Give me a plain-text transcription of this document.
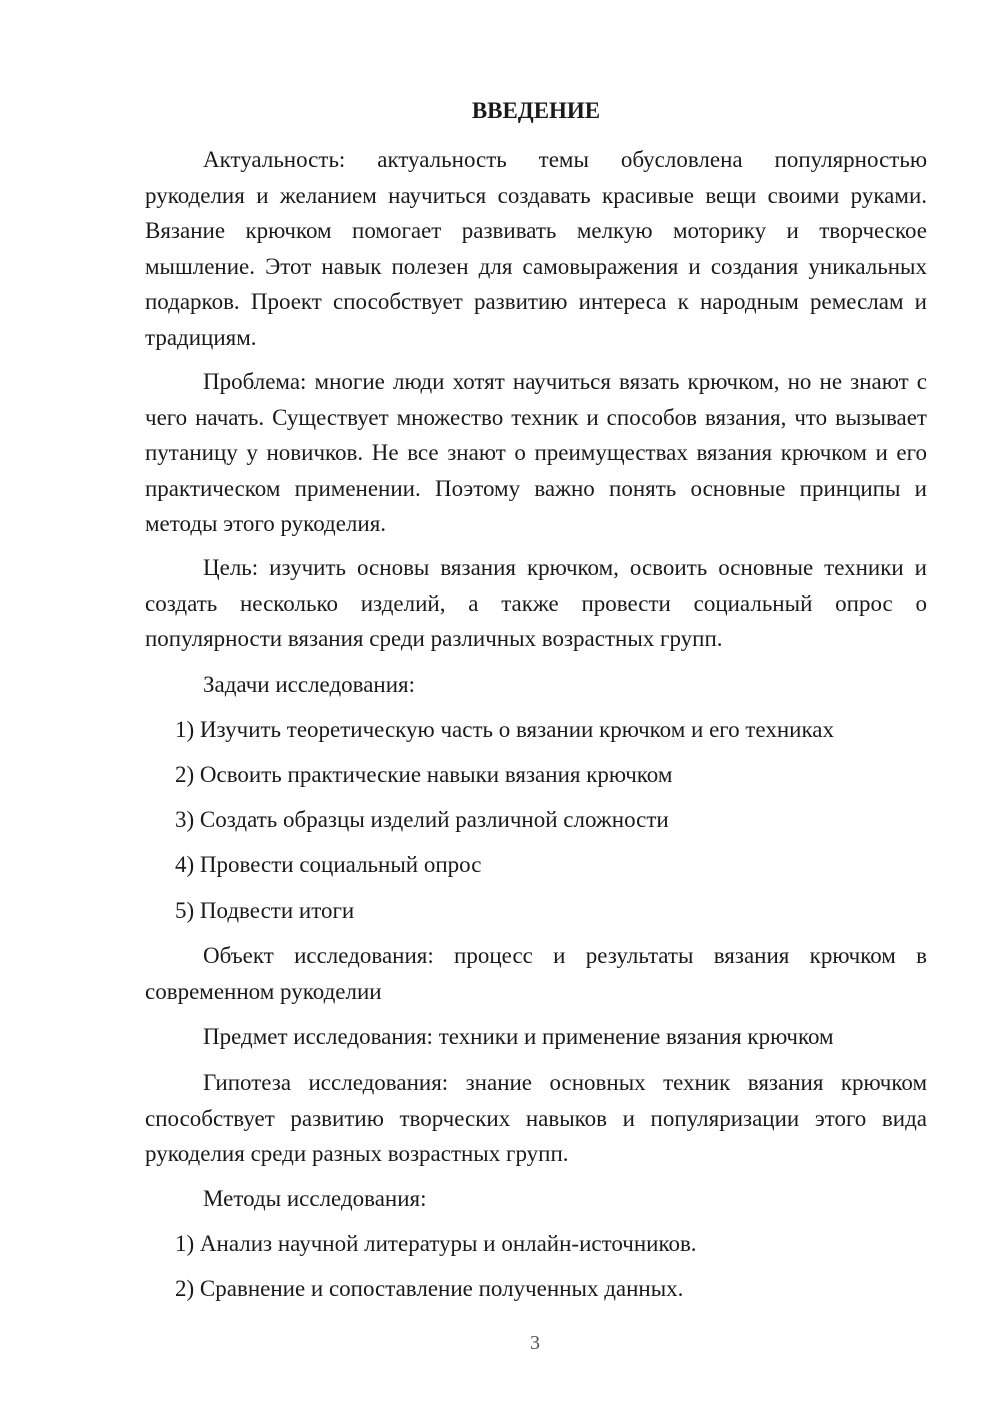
ВВЕДЕНИЕ

Актуальность: актуальность темы обусловлена популярностью рукоделия и желанием научиться создавать красивые вещи своими руками. Вязание крючком помогает развивать мелкую моторику и творческое мышление. Этот навык полезен для самовыражения и создания уникальных подарков. Проект способствует развитию интереса к народным ремеслам и традициям.

Проблема: многие люди хотят научиться вязать крючком, но не знают с чего начать. Существует множество техник и способов вязания, что вызывает путаницу у новичков. Не все знают о преимуществах вязания крючком и его практическом применении. Поэтому важно понять основные принципы и методы этого рукоделия.

Цель: изучить основы вязания крючком, освоить основные техники и создать несколько изделий, а также провести социальный опрос о популярности вязания среди различных возрастных групп.

Задачи исследования:

1) Изучить теоретическую часть о вязании крючком и его техниках

2) Освоить практические навыки вязания крючком

3) Создать образцы изделий различной сложности

4) Провести социальный опрос

5) Подвести итоги

Объект исследования: процесс и результаты вязания крючком в современном рукоделии

Предмет исследования: техники и применение вязания крючком

Гипотеза исследования: знание основных техник вязания крючком способствует развитию творческих навыков и популяризации этого вида рукоделия среди разных возрастных групп.

Методы исследования:

1) Анализ научной литературы и онлайн-источников.

2) Сравнение и сопоставление полученных данных.

3
